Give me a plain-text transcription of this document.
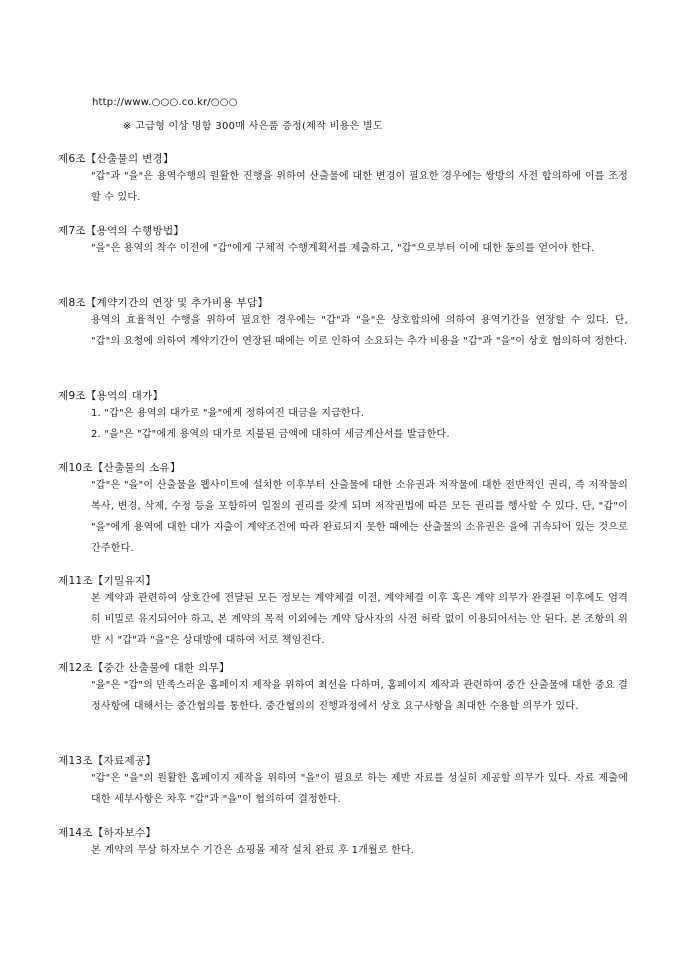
http://www.○○○.co.kr/○○○
※ 고급형 이상 명함 300매 사은품 증정(제작 비용은 별도
제6조【산출물의 변경】
"갑"과 "을"은 용역수행의 원활한 진행을 위하여 산출물에 대한 변경이 필요한 경우에는 쌍방의 사전 합의하에 이를 조정할 수 있다.
제7조【용역의 수행방법】
"을"은 용역의 착수 이전에 "갑"에게 구체적 수행계획서를 제출하고, "갑"으로부터 이에 대한 동의를 얻어야 한다.
제8조【계약기간의 연장 및 추가비용 부담】
용역의 효율적인 수행을 위하여 필요한 경우에는 "갑"과 "을"은 상호합의에 의하여 용역기간을 연장할 수 있다. 단, "갑"의 요청에 의하여 계약기간이 연장된 때에는 이로 인하여 소요되는 추가 비용을 "갑"과 "을"이 상호 협의하여 정한다.
제9조【용역의 대가】
1. "갑"은 용역의 대가로 "을"에게 정하여진 대금을 지급한다.
2. "을"은 "갑"에게 용역의 대가로 지불된 금액에 대하여 세금계산서를 발급한다.
제10조【산출물의 소유】
"갑"은 "을"이 산출물을 웹사이트에 설치한 이후부터 산출물에 대한 소유권과 저작물에 대한 전반적인 권리, 즉 저작물의 복사, 변경, 삭제, 수정 등을 포함하여 일절의 권리를 갖게 되며 저작권법에 따른 모든 권리를 행사할 수 있다. 단, "갑"이 "을"에게 용역에 대한 대가 지출이 계약조건에 따라 완료되지 못한 때에는 산출물의 소유권은 을에 귀속되어 있는 것으로 간주한다.
제11조【기밀유지】
본 계약과 관련하여 상호간에 전달된 모든 정보는 계약체결 이전, 계약체결 이후 혹은 계약 의무가 완결된 이후에도 엄격히 비밀로 유지되어야 하고, 본 계약의 목적 이외에는 계약 당사자의 사전 허락 없이 이용되어서는 안 된다. 본 조항의 위반 시 "갑"과 "을"은 상대방에 대하여 서로 책임진다.
제12조【중간 산출물에 대한 의무】
"을"은 "갑"의 만족스러운 홈페이지 제작을 위하여 최선을 다하며, 홈페이지 제작과 관련하여 중간 산출물에 대한 중요 결정사항에 대해서는 중간협의를 통한다. 중간협의의 진행과정에서 상호 요구사항을 최대한 수용할 의무가 있다.
제13조【자료제공】
"갑"은 "을"의 원활한 홈페이지 제작을 위하여 "을"이 필요로 하는 제반 자료를 성실히 제공할 의무가 있다. 자료 제출에 대한 세부사항은 차후 "갑"과 "을"이 협의하여 결정한다.
제14조【하자보수】
본 계약의 무상 하자보수 기간은 쇼핑몰 제작 설치 완료 후 1개월로 한다.
